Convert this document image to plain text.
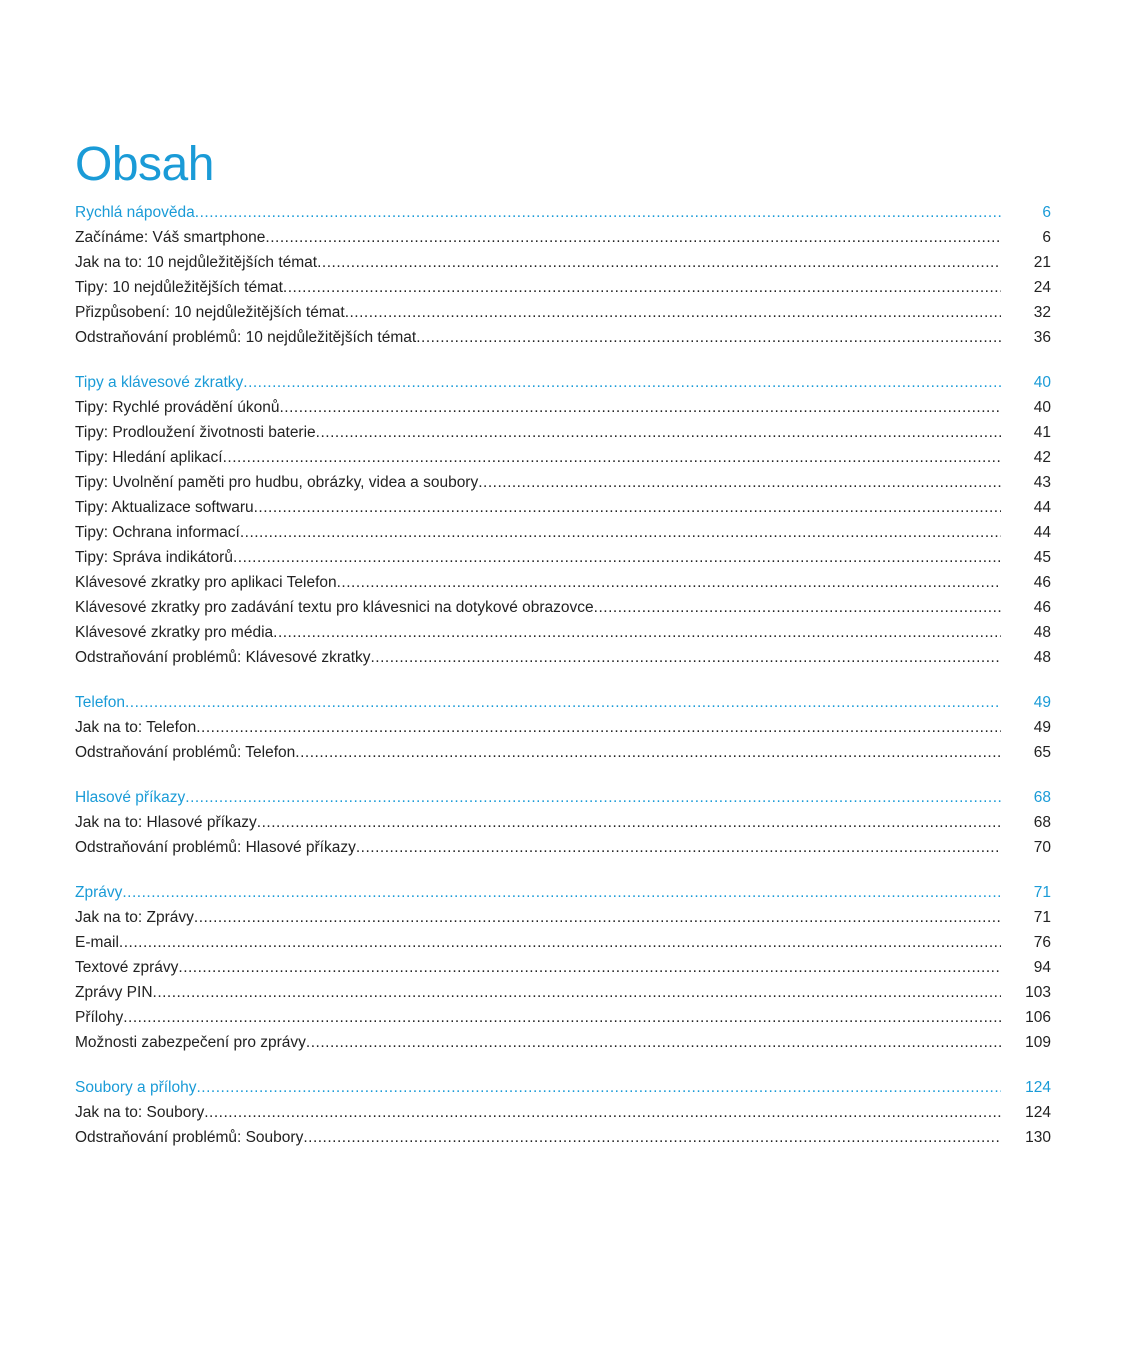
Obsah
Rychlá nápověda .....	6
Začínáme: Váš smartphone .....	6
Jak na to: 10 nejdůležitějších témat .....	21
Tipy: 10 nejdůležitějších témat .....	24
Přizpůsobení: 10 nejdůležitějších témat .....	32
Odstraňování problémů: 10 nejdůležitějších témat .....	36
Tipy a klávesové zkratky .....	40
Tipy: Rychlé provádění úkonů .....	40
Tipy: Prodloužení životnosti baterie .....	41
Tipy: Hledání aplikací .....	42
Tipy: Uvolnění paměti pro hudbu, obrázky, videa a soubory .....	43
Tipy: Aktualizace softwaru .....	44
Tipy: Ochrana informací .....	44
Tipy: Správa indikátorů .....	45
Klávesové zkratky pro aplikaci Telefon .....	46
Klávesové zkratky pro zadávání textu pro klávesnici na dotykové obrazovce .....	46
Klávesové zkratky pro média .....	48
Odstraňování problémů: Klávesové zkratky .....	48
Telefon .....	49
Jak na to: Telefon .....	49
Odstraňování problémů: Telefon .....	65
Hlasové příkazy .....	68
Jak na to: Hlasové příkazy .....	68
Odstraňování problémů: Hlasové příkazy .....	70
Zprávy .....	71
Jak na to: Zprávy .....	71
E-mail .....	76
Textové zprávy .....	94
Zprávy PIN .....	103
Přílohy .....	106
Možnosti zabezpečení pro zprávy .....	109
Soubory a přílohy .....	124
Jak na to: Soubory .....	124
Odstraňování problémů: Soubory .....	130
